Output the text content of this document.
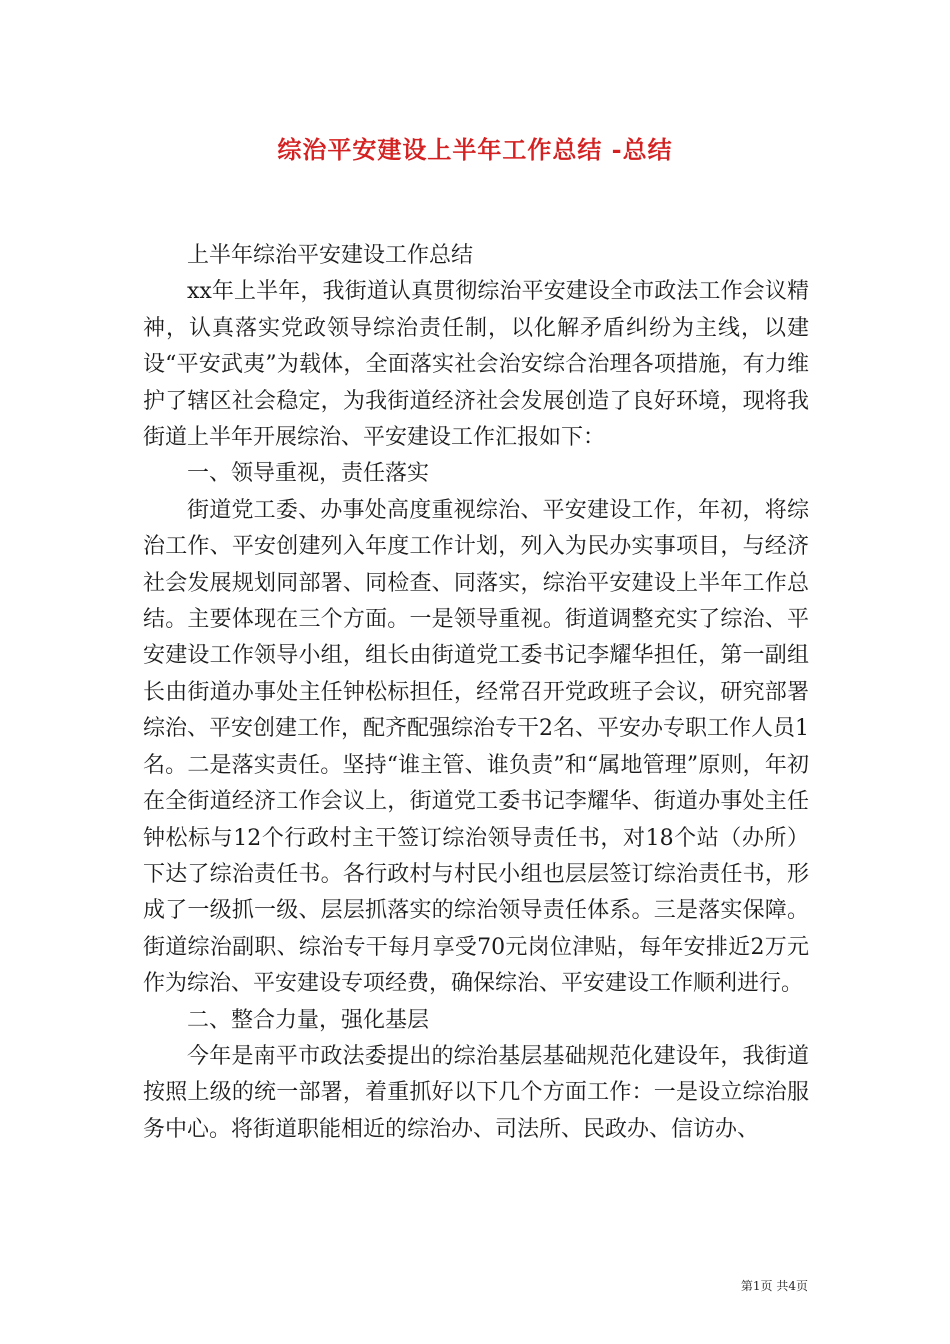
综治平安建设上半年工作总结 -总结

上半年综治平安建设工作总结

xx年上半年，我街道认真贯彻综治平安建设全市政法工作会议精神，认真落实党政领导综治责任制，以化解矛盾纠纷为主线，以建设“平安武夷”为载体，全面落实社会治安综合治理各项措施，有力维护了辖区社会稳定，为我街道经济社会发展创造了良好环境，现将我街道上半年开展综治、平安建设工作汇报如下：

一、领导重视，责任落实

街道党工委、办事处高度重视综治、平安建设工作，年初，将综治工作、平安创建列入年度工作计划，列入为民办实事项目，与经济社会发展规划同部署、同检查、同落实，综治平安建设上半年工作总结。主要体现在三个方面。一是领导重视。街道调整充实了综治、平安建设工作领导小组，组长由街道党工委书记李耀华担任，第一副组长由街道办事处主任钟松标担任，经常召开党政班子会议，研究部署综治、平安创建工作，配齐配强综治专干2名、平安办专职工作人员1名。二是落实责任。坚持“谁主管、谁负责”和“属地管理”原则，年初在全街道经济工作会议上，街道党工委书记李耀华、街道办事处主任钟松标与12个行政村主干签订综治领导责任书，对18个站（办所）下达了综治责任书。各行政村与村民小组也层层签订综治责任书，形成了一级抓一级、层层抓落实的综治领导责任体系。三是落实保障。街道综治副职、综治专干每月享受70元岗位津贴，每年安排近2万元作为综治、平安建设专项经费，确保综治、平安建设工作顺利进行。

二、整合力量，强化基层

今年是南平市政法委提出的综治基层基础规范化建设年，我街道按照上级的统一部署，着重抓好以下几个方面工作：一是设立综治服务中心。将街道职能相近的综治办、司法所、民政办、信访办、

第1页 共4页
